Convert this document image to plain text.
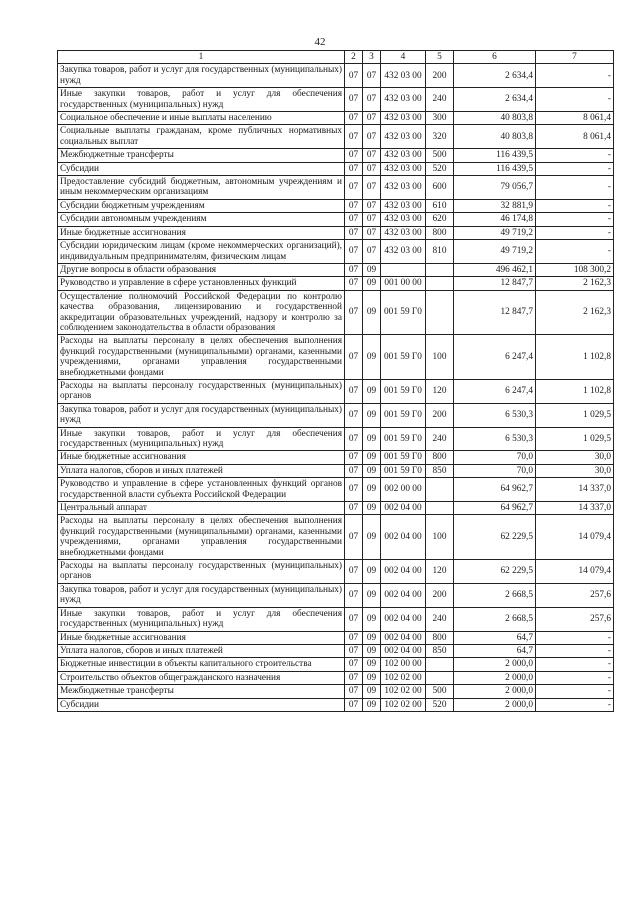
42
1	2	3	4	5	6	7
Закупка товаров, работ и услуг для государственных (муниципальных) нужд	07	07	432 03 00	200	2 634,4	-
Иные закупки товаров, работ и услуг для обеспечения государственных (муниципальных) нужд	07	07	432 03 00	240	2 634,4	-
Социальное обеспечение и иные выплаты населению	07	07	432 03 00	300	40 803,8	8 061,4
Социальные выплаты гражданам, кроме публичных нормативных социальных выплат	07	07	432 03 00	320	40 803,8	8 061,4
Межбюджетные трансферты	07	07	432 03 00	500	116 439,5	-
Субсидии	07	07	432 03 00	520	116 439,5	-
Предоставление субсидий бюджетным, автономным учреждениям и иным некоммерческим организациям	07	07	432 03 00	600	79 056,7	-
Субсидии бюджетным учреждениям	07	07	432 03 00	610	32 881,9	-
Субсидии автономным учреждениям	07	07	432 03 00	620	46 174,8	-
Иные бюджетные ассигнования	07	07	432 03 00	800	49 719,2	-
Субсидии юридическим лицам (кроме некоммерческих организаций), индивидуальным предпринимателям, физическим лицам	07	07	432 03 00	810	49 719,2	-
Другие вопросы в области образования	07	09			496 462,1	108 300,2
Руководство и управление в сфере установленных функций	07	09	001 00 00		12 847,7	2 162,3
Осуществление полномочий Российской Федерации по контролю качества образования, лицензированию и государственной аккредитации образовательных учреждений, надзору и контролю за соблюдением законодательства в области образования	07	09	001 59 Г0		12 847,7	2 162,3
Расходы на выплаты персоналу в целях обеспечения выполнения функций государственными (муниципальными) органами, казенными учреждениями, органами управления государственными внебюджетными фондами	07	09	001 59 Г0	100	6 247,4	1 102,8
Расходы на выплаты персоналу государственных (муниципальных) органов	07	09	001 59 Г0	120	6 247,4	1 102,8
Закупка товаров, работ и услуг для государственных (муниципальных) нужд	07	09	001 59 Г0	200	6 530,3	1 029,5
Иные закупки товаров, работ и услуг для обеспечения государственных (муниципальных) нужд	07	09	001 59 Г0	240	6 530,3	1 029,5
Иные бюджетные ассигнования	07	09	001 59 Г0	800	70,0	30,0
Уплата налогов, сборов и иных платежей	07	09	001 59 Г0	850	70,0	30,0
Руководство и управление в сфере установленных функций органов государственной власти субъекта Российской Федерации	07	09	002 00 00		64 962,7	14 337,0
Центральный аппарат	07	09	002 04 00		64 962,7	14 337,0
Расходы на выплаты персоналу в целях обеспечения выполнения функций государственными (муниципальными) органами, казенными учреждениями, органами управления государственными внебюджетными фондами	07	09	002 04 00	100	62 229,5	14 079,4
Расходы на выплаты персоналу государственных (муниципальных) органов	07	09	002 04 00	120	62 229,5	14 079,4
Закупка товаров, работ и услуг для государственных (муниципальных) нужд	07	09	002 04 00	200	2 668,5	257,6
Иные закупки товаров, работ и услуг для обеспечения государственных (муниципальных) нужд	07	09	002 04 00	240	2 668,5	257,6
Иные бюджетные ассигнования	07	09	002 04 00	800	64,7	-
Уплата налогов, сборов и иных платежей	07	09	002 04 00	850	64,7	-
Бюджетные инвестиции в объекты капитального строительства	07	09	102 00 00		2 000,0	-
Строительство объектов общегражданского назначения	07	09	102 02 00		2 000,0	-
Межбюджетные трансферты	07	09	102 02 00	500	2 000,0	-
Субсидии	07	09	102 02 00	520	2 000,0	-
